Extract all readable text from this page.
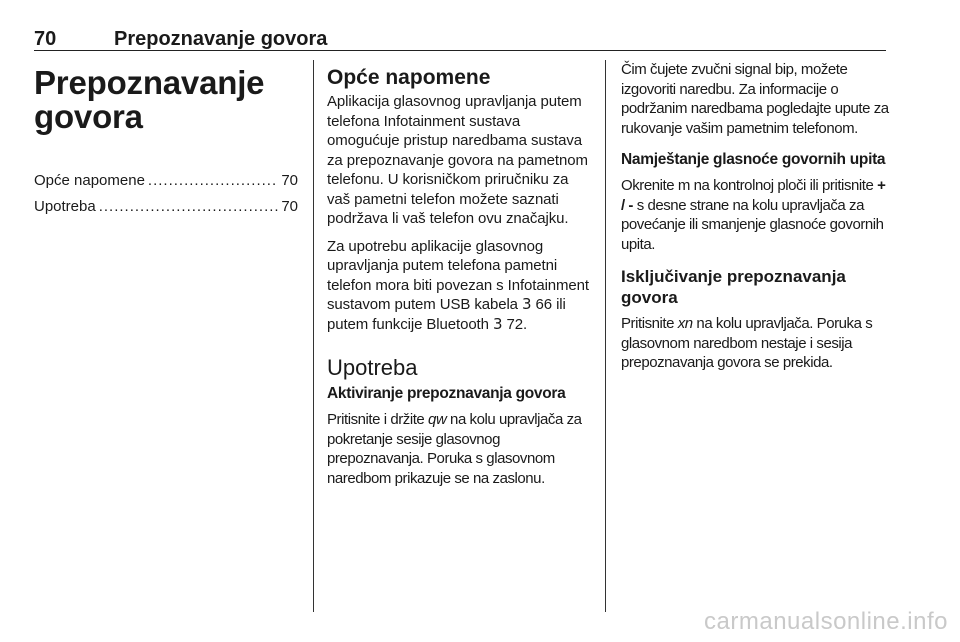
70	Prepoznavanje govora
Prepoznavanje
govora
Opće napomene .....	70
Upotreba .....	70
Opće napomene

Aplikacija glasovnog upravljanja putem telefona Infotainment sustava omogućuje pristup naredbama sustava za prepoznavanje govora na pametnom telefonu. U korisničkom priručniku za vaš pametni telefon možete saznati podržava li vaš telefon ovu značajku.

Za upotrebu aplikacije glasovnog upravljanja putem telefona pametni telefon mora biti povezan s Infotainment sustavom putem USB kabela 3 66 ili putem funkcije Bluetooth 3 72.

Upotreba
Aktiviranje prepoznavanja govora

Pritisnite i držite qw na kolu upravljača za pokretanje sesije glasovnog prepoznavanja. Poruka s glasovnom naredbom prikazuje se na zaslonu.

Čim čujete zvučni signal bip, možete izgovoriti naredbu. Za informacije o podržanim naredbama pogledajte upute za rukovanje vašim pametnim telefonom.

Namještanje glasnoće govornih upita

Okrenite m na kontrolnoj ploči ili pritisnite + / - s desne strane na kolu upravljača za povećanje ili smanjenje glasnoće govornih upita.

Isključivanje prepoznavanja govora

Pritisnite xn na kolu upravljača. Poruka s glasovnom naredbom nestaje i sesija prepoznavanja govora se prekida.

carmanualsonline.info
